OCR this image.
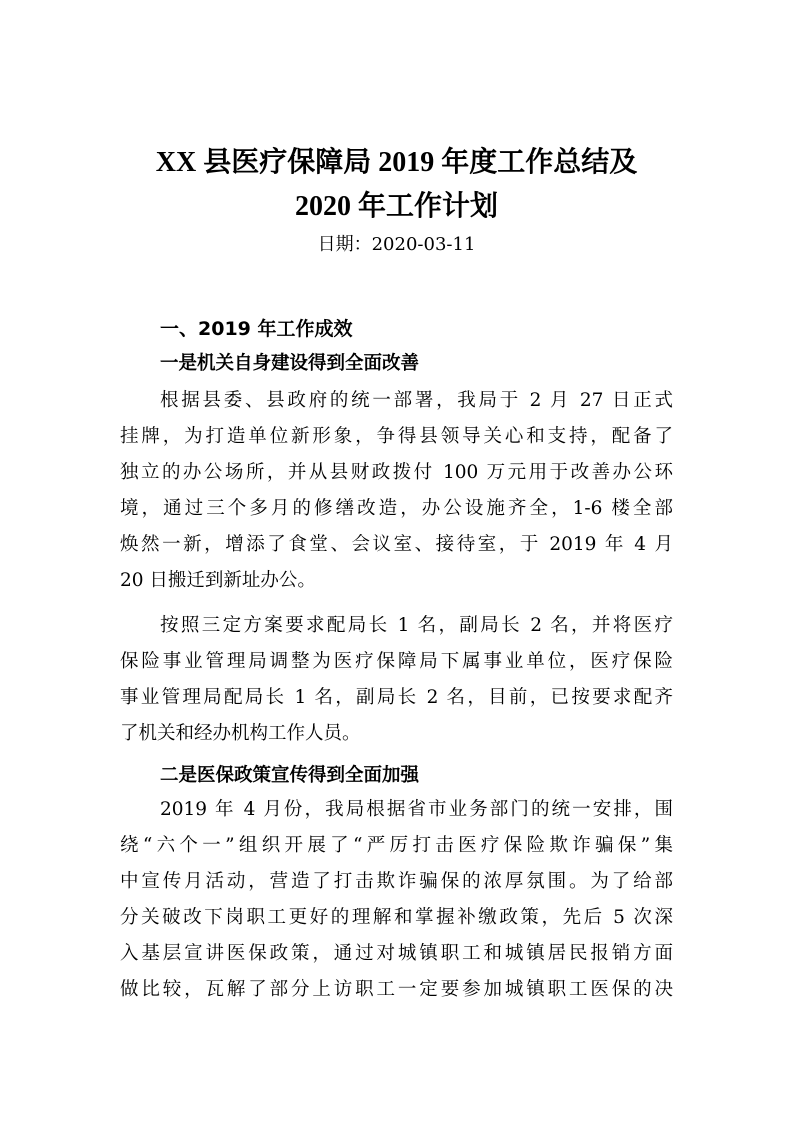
XX 县医疗保障局 2019 年度工作总结及
2020 年工作计划
日期：2020-03-11
一、2019 年工作成效
一是机关自身建设得到全面改善
根据县委、县政府的统一部署，我局于 2 月 27 日正式
挂牌，为打造单位新形象，争得县领导关心和支持，配备了
独立的办公场所，并从县财政拨付 100 万元用于改善办公环
境，通过三个多月的修缮改造，办公设施齐全，1-6 楼全部
焕然一新，增添了食堂、会议室、接待室，于 2019 年 4 月
20 日搬迁到新址办公。
按照三定方案要求配局长 1 名，副局长 2 名，并将医疗
保险事业管理局调整为医疗保障局下属事业单位，医疗保险
事业管理局配局长 1 名，副局长 2 名，目前，已按要求配齐
了机关和经办机构工作人员。
二是医保政策宣传得到全面加强
2019 年 4 月份，我局根据省市业务部门的统一安排，围
绕“六个一”组织开展了“严厉打击医疗保险欺诈骗保”集
中宣传月活动，营造了打击欺诈骗保的浓厚氛围。为了给部
分关破改下岗职工更好的理解和掌握补缴政策，先后 5 次深
入基层宣讲医保政策，通过对城镇职工和城镇居民报销方面
做比较，瓦解了部分上访职工一定要参加城镇职工医保的决
